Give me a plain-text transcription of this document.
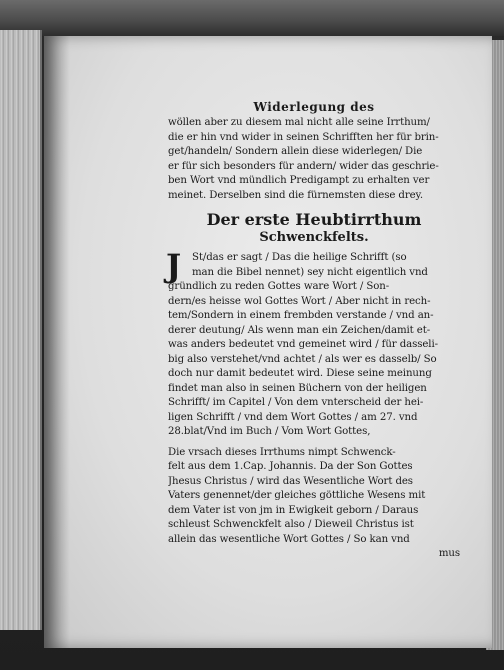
Widerlegung des
wöllen aber zu diesem mal nicht alle seine Irrthum/
die er hin vnd wider in seinen Schrifften her für brin-
get/handeln/ Sondern allein diese widerlegen/ Die
er für sich besonders für andern/ wider das geschrie-
ben Wort vnd mündlich Predigampt zu erhalten ver
meinet. Derselben sind die fürnemsten diese drey.
Der erste Heubtirrthum
Schwenckfelts.
J	St/das er sagt / Das die heilige Schrifft (so
man die Bibel nennet) sey nicht eigentlich vnd
gründlich zu reden Gottes ware Wort / Son-
dern/es heisse wol Gottes Wort / Aber nicht in rech-
tem/Sondern in einem frembden verstande / vnd an-
derer deutung/ Als wenn man ein Zeichen/damit et-
was anders bedeutet vnd gemeinet wird / für dasseli-
big also verstehet/vnd achtet / als wer es dasselb/ So
doch nur damit bedeutet wird. Diese seine meinung
findet man also in seinen Büchern von der heiligen
Schrifft/ im Capitel / Von dem vnterscheid der hei-
ligen Schrifft / vnd dem Wort Gottes / am 27. vnd
28.blat/Vnd im Buch / Vom Wort Gottes,
Die vrsach dieses Irrthums nimpt Schwenck-
felt aus dem 1.Cap. Johannis. Da der Son Gottes
Jhesus Christus / wird das Wesentliche Wort des
Vaters genennet/der gleiches göttliche Wesens mit
dem Vater ist von jm in Ewigkeit geborn / Daraus
schleust Schwenckfelt also / Dieweil Christus ist
allein das wesentliche Wort Gottes / So kan vnd
mus
